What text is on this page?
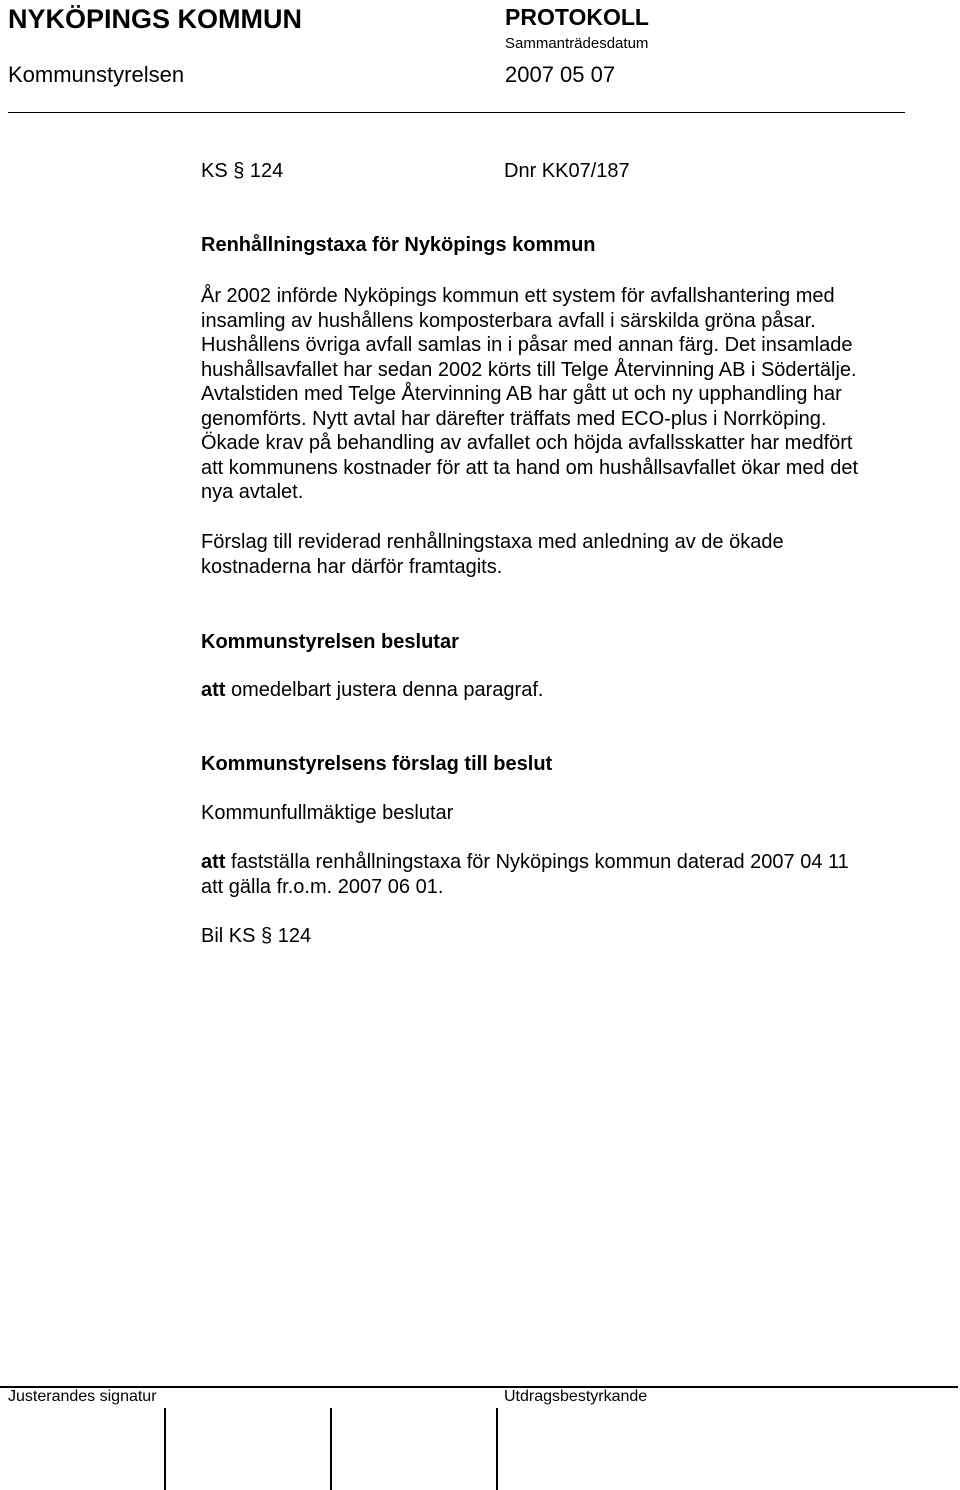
NYKÖPINGS KOMMUN	PROTOKOLL
Sammanträdesdatum
Kommunstyrelsen	2007 05 07
KS § 124	Dnr KK07/187
Renhållningstaxa för Nyköpings kommun
År 2002 införde Nyköpings kommun ett system för avfallshantering med
insamling av hushållens komposterbara avfall i särskilda gröna påsar.
Hushållens övriga avfall samlas in i påsar med annan färg. Det insamlade
hushållsavfallet har sedan 2002 körts till Telge Återvinning AB i Södertälje.
Avtalstiden med Telge Återvinning AB har gått ut och ny upphandling har
genomförts. Nytt avtal har därefter träffats med ECO-plus i Norrköping.
Ökade krav på behandling av avfallet och höjda avfallsskatter har medfört
att kommunens kostnader för att ta hand om hushållsavfallet ökar med det
nya avtalet.
Förslag till reviderad renhållningstaxa med anledning av de ökade
kostnaderna har därför framtagits.
Kommunstyrelsen beslutar
att omedelbart justera denna paragraf.
Kommunstyrelsens förslag till beslut
Kommunfullmäktige beslutar
att fastställa renhållningstaxa för Nyköpings kommun daterad 2007 04 11
att gälla fr.o.m. 2007 06 01.
Bil KS § 124
Justerandes signatur	Utdragsbestyrkande
